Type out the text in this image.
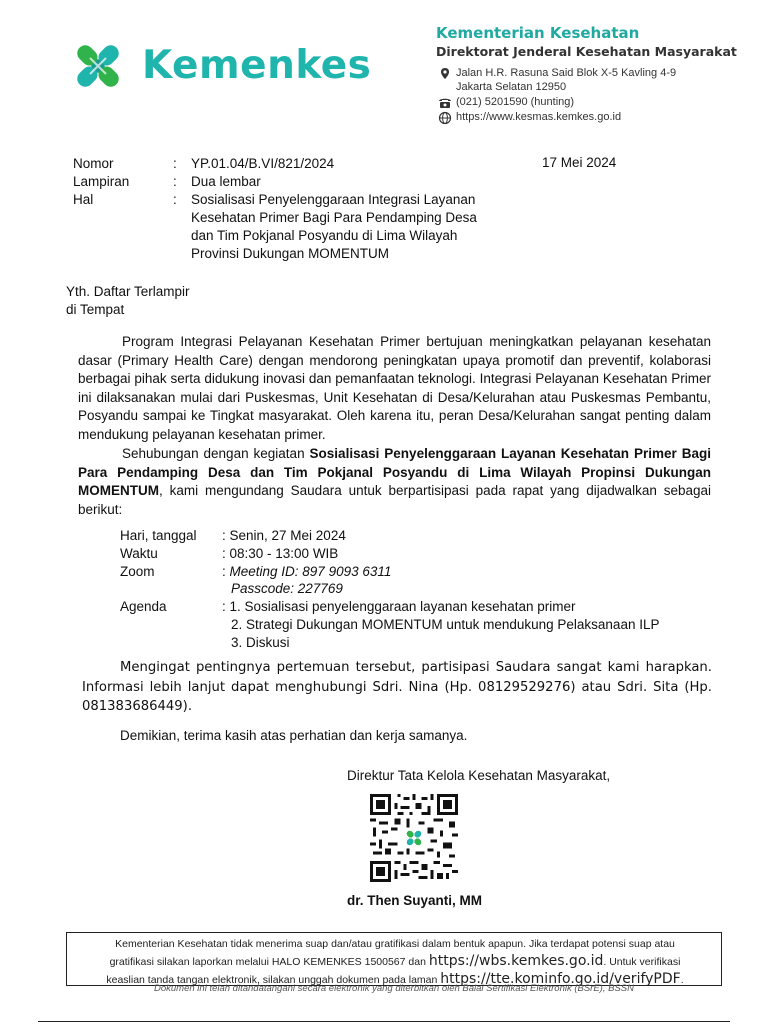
Kemenkes
Kementerian Kesehatan
Direktorat Jenderal Kesehatan Masyarakat
Jalan H.R. Rasuna Said Blok X-5 Kavling 4-9
Jakarta Selatan 12950
(021) 5201590 (hunting)
https://www.kesmas.kemkes.go.id
Nomor	:	YP.01.04/B.VI/821/2024	17 Mei 2024
Lampiran	:	Dua lembar
Hal	:	Sosialisasi Penyelenggaraan Integrasi Layanan Kesehatan Primer Bagi Para Pendamping Desa dan Tim Pokjanal Posyandu di Lima Wilayah Provinsi Dukungan MOMENTUM
Yth. Daftar Terlampir
di Tempat
Program Integrasi Pelayanan Kesehatan Primer bertujuan meningkatkan pelayanan kesehatan dasar (Primary Health Care) dengan mendorong peningkatan upaya promotif dan preventif, kolaborasi berbagai pihak serta didukung inovasi dan pemanfaatan teknologi. Integrasi Pelayanan Kesehatan Primer ini dilaksanakan mulai dari Puskesmas, Unit Kesehatan di Desa/Kelurahan atau Puskesmas Pembantu, Posyandu sampai ke Tingkat masyarakat. Oleh karena itu, peran Desa/Kelurahan sangat penting dalam mendukung pelayanan kesehatan primer.
Sehubungan dengan kegiatan Sosialisasi Penyelenggaraan Layanan Kesehatan Primer Bagi Para Pendamping Desa dan Tim Pokjanal Posyandu di Lima Wilayah Propinsi Dukungan MOMENTUM, kami mengundang Saudara untuk berpartisipasi pada rapat yang dijadwalkan sebagai berikut:
Hari, tanggal	: Senin, 27 Mei 2024
Waktu	: 08:30 - 13:00 WIB
Zoom	: Meeting ID: 897 9093 6311
Passcode: 227769
Agenda	: 1. Sosialisasi penyelenggaraan layanan kesehatan primer
2. Strategi Dukungan MOMENTUM untuk mendukung Pelaksanaan ILP
3. Diskusi
Mengingat pentingnya pertemuan tersebut, partisipasi Saudara sangat kami harapkan. Informasi lebih lanjut dapat menghubungi Sdri. Nina (Hp. 08129529276) atau Sdri. Sita (Hp. 081383686449).
Demikian, terima kasih atas perhatian dan kerja samanya.
Direktur Tata Kelola Kesehatan Masyarakat,
dr. Then Suyanti, MM
Kementerian Kesehatan tidak menerima suap dan/atau gratifikasi dalam bentuk apapun. Jika terdapat potensi suap atau
gratifikasi silakan laporkan melalui HALO KEMENKES 1500567 dan https://wbs.kemkes.go.id. Untuk verifikasi
keaslian tanda tangan elektronik, silakan unggah dokumen pada laman https://tte.kominfo.go.id/verifyPDF.
Dokumen ini telah ditandatangani secara elektronik yang diterbitkan oleh Balai Sertifikasi Elektronik (BSrE), BSSN
